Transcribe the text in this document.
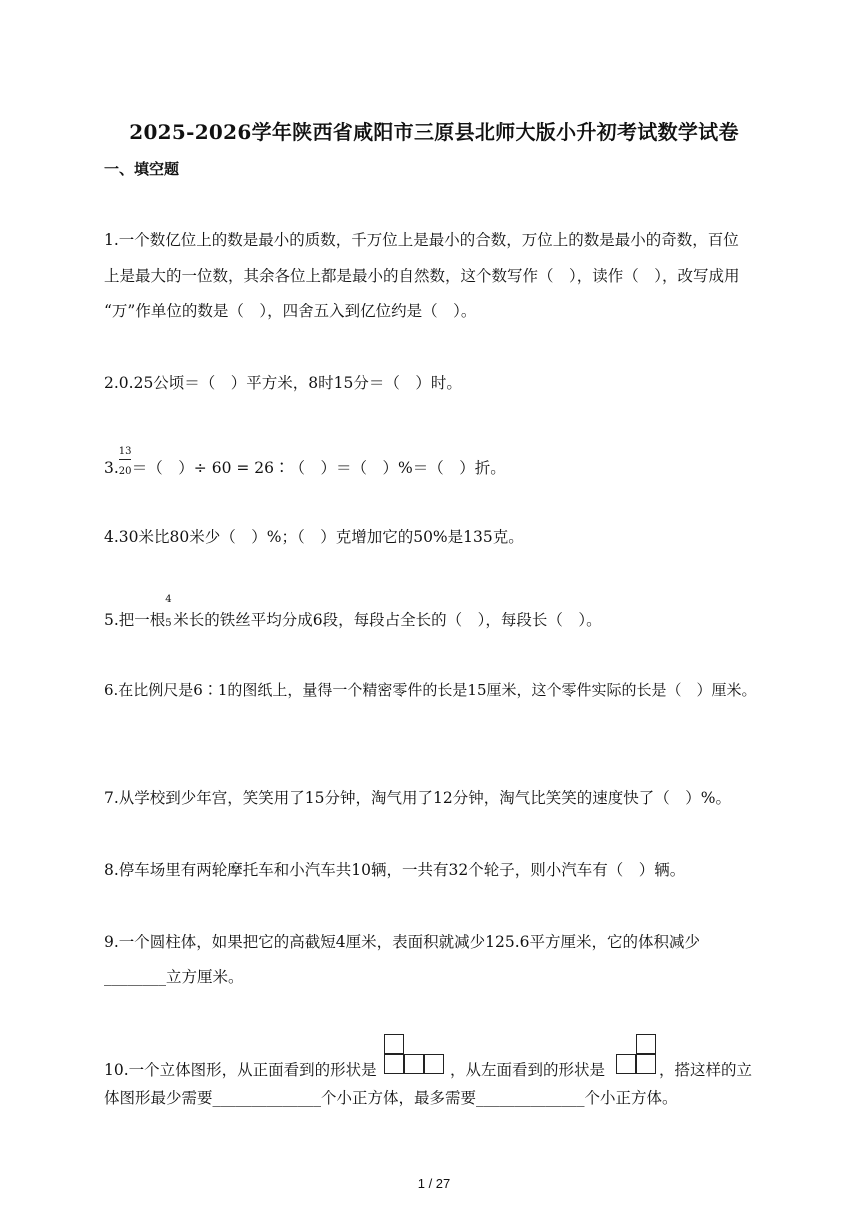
2025-2026学年陕西省咸阳市三原县北师大版小升初考试数学试卷
一、填空题
1.一个数亿位上的数是最小的质数，千万位上是最小的合数，万位上的数是最小的奇数，百位
上是最大的一位数，其余各位上都是最小的自然数，这个数写作（　），读作（　），改写成用
“万”作单位的数是（　），四舍五入到亿位约是（　）。
2.0.25公顷＝（　）平方米，8时15分＝（　）时。
3. $\frac{13}{20}$ ＝（　）÷ 60 = 26∶（　）＝（　）%＝（　）折。
4.30米比80米少（　）%；（　）克增加它的50%是135克。
5.把一根
4
5 米长的铁丝平均分成6段，每段占全长的（　），每段长（　）。
6.在比例尺是6∶1的图纸上，量得一个精密零件的长是15厘米，这个零件实际的长是（　）厘米。
7.从学校到少年宫，笑笑用了15分钟，淘气用了12分钟，淘气比笑笑的速度快了（　）%。
8.停车场里有两轮摩托车和小汽车共10辆，一共有32个轮子，则小汽车有（　）辆。
9.一个圆柱体，如果把它的高截短4厘米，表面积就减少125.6平方厘米，它的体积减少
________立方厘米。
10.一个立体图形，从正面看到的形状是	，从左面看到的形状是	，搭这样的立
体图形最少需要______________个小正方体，最多需要______________个小正方体。
1 / 27
